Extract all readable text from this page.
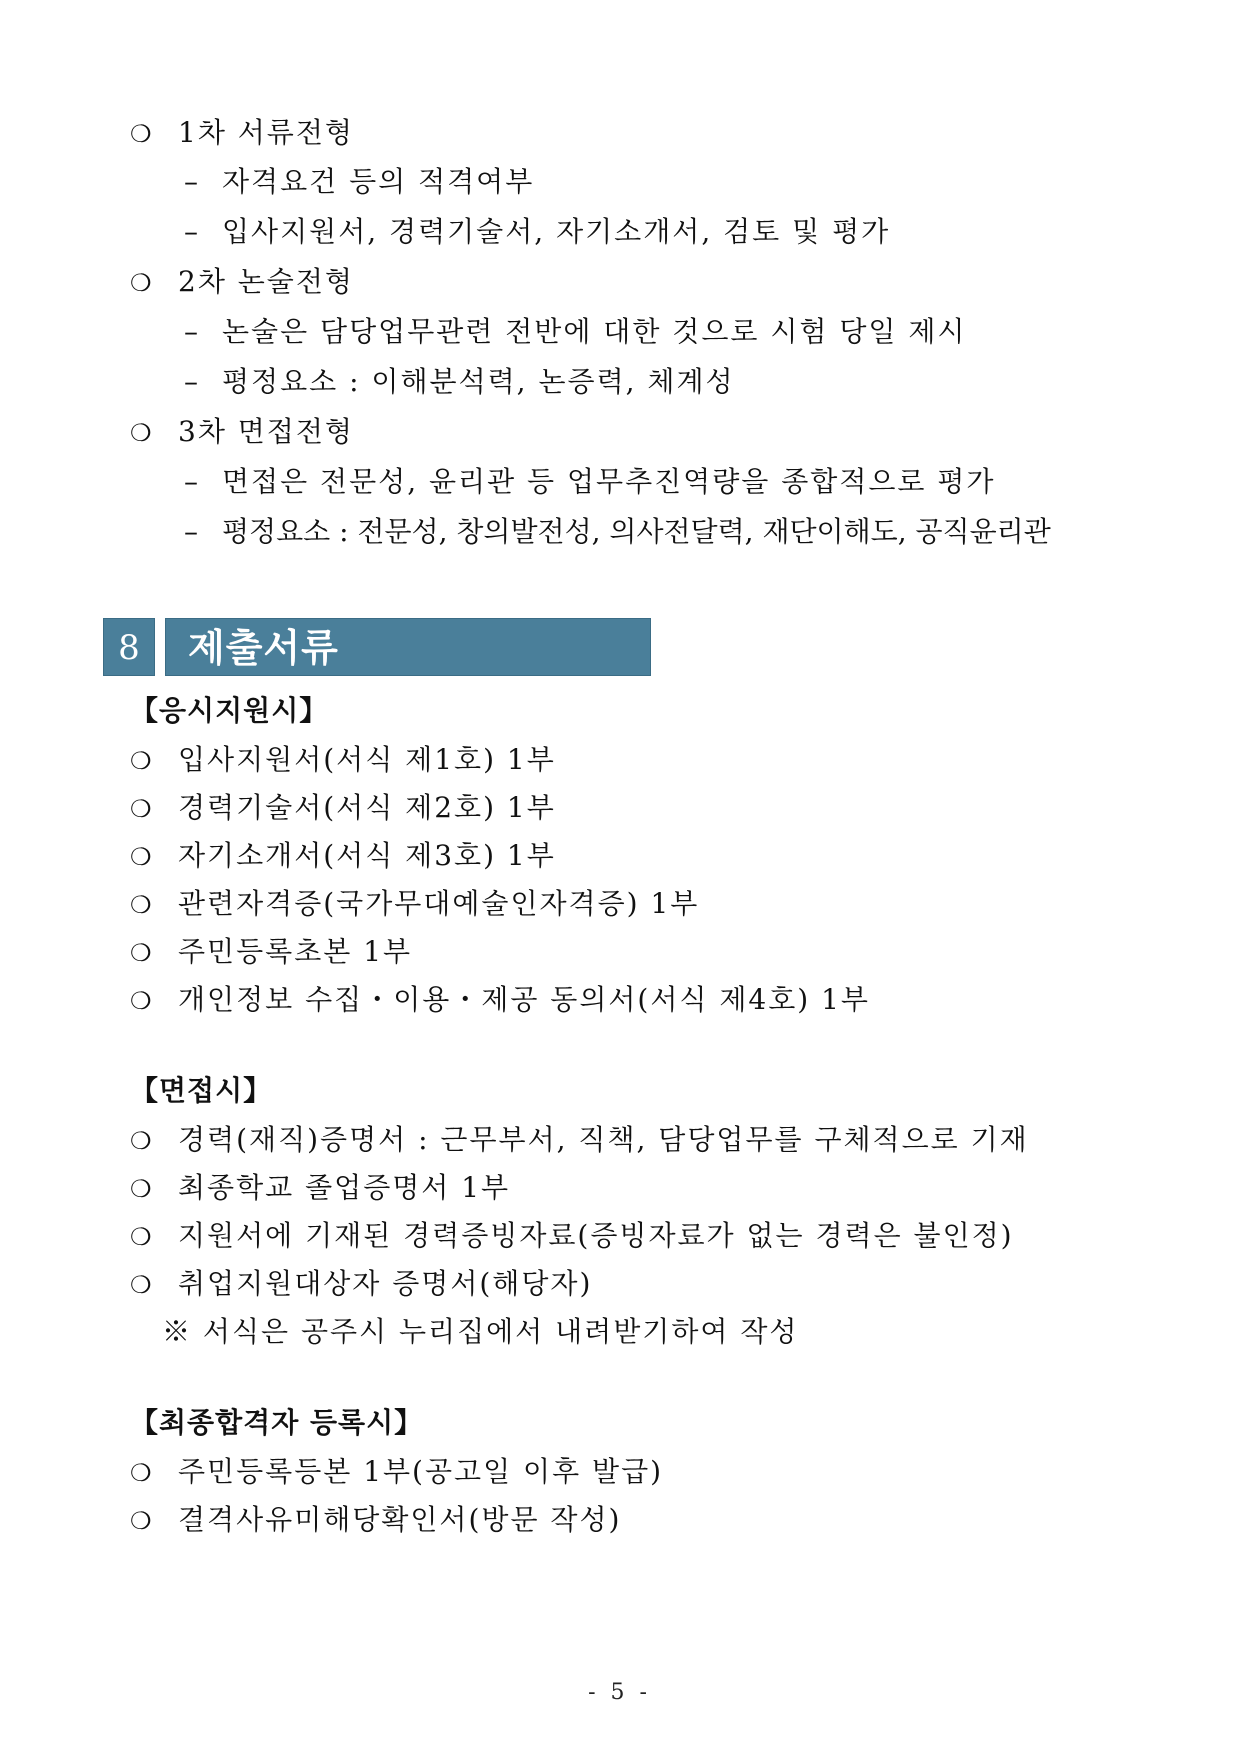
❍ 1차 서류전형
– 자격요건 등의 적격여부
– 입사지원서, 경력기술서, 자기소개서, 검토 및 평가
❍ 2차 논술전형
– 논술은 담당업무관련 전반에 대한 것으로 시험 당일 제시
– 평정요소 : 이해분석력, 논증력, 체계성
❍ 3차 면접전형
– 면접은 전문성, 윤리관 등 업무추진역량을 종합적으로 평가
– 평정요소 : 전문성, 창의발전성, 의사전달력, 재단이해도, 공직윤리관
8	제출서류
【응시지원시】
❍ 입사지원서(서식 제1호) 1부
❍ 경력기술서(서식 제2호) 1부
❍ 자기소개서(서식 제3호) 1부
❍ 관련자격증(국가무대예술인자격증) 1부
❍ 주민등록초본 1부
❍ 개인정보 수집・이용・제공 동의서(서식 제4호) 1부
【면접시】
❍ 경력(재직)증명서 : 근무부서, 직책, 담당업무를 구체적으로 기재
❍ 최종학교 졸업증명서 1부
❍ 지원서에 기재된 경력증빙자료(증빙자료가 없는 경력은 불인정)
❍ 취업지원대상자 증명서(해당자)
※ 서식은 공주시 누리집에서 내려받기하여 작성
【최종합격자 등록시】
❍ 주민등록등본 1부(공고일 이후 발급)
❍ 결격사유미해당확인서(방문 작성)
- 5 -
